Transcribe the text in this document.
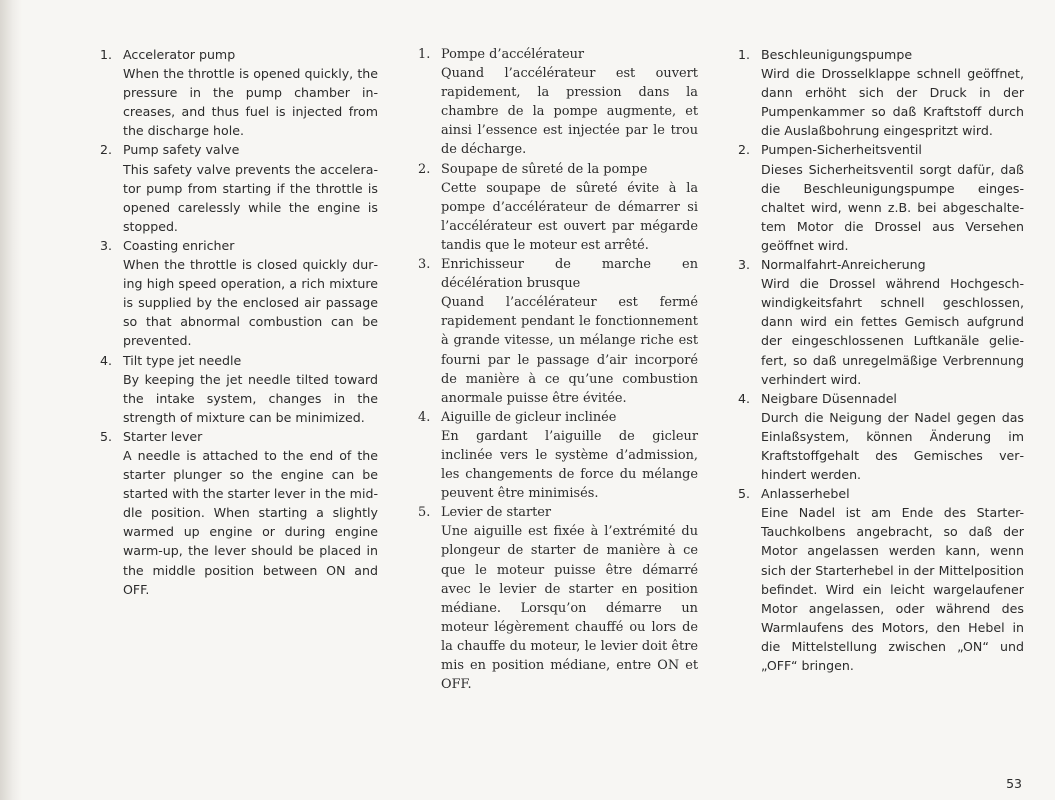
1. Accelerator pump
When the throttle is opened quickly, the pressure in the pump chamber increases, and thus fuel is injected from the discharge hole.
2. Pump safety valve
This safety valve prevents the accelerator pump from starting if the throttle is opened carelessly while the engine is stopped.
3. Coasting enricher
When the throttle is closed quickly during high speed operation, a rich mixture is supplied by the enclosed air passage so that abnormal combustion can be prevented.
4. Tilt type jet needle
By keeping the jet needle tilted toward the intake system, changes in the strength of mixture can be minimized.
5. Starter lever
A needle is attached to the end of the starter plunger so the engine can be started with the starter lever in the middle position. When starting a slightly warmed up engine or during engine warm-up, the lever should be placed in the middle position between ON and OFF.
1. Pompe d’accélérateur
Quand l’accélérateur est ouvert rapidement, la pression dans la chambre de la pompe augmente, et ainsi l’essence est injectée par le trou de décharge.
2. Soupape de sûreté de la pompe
Cette soupape de sûreté évite à la pompe d’accélérateur de démarrer si l’accélérateur est ouvert par mégarde tandis que le moteur est arrêté.
3. Enrichisseur de marche en décélération brusque
Quand l’accélérateur est fermé rapidement pendant le fonctionnement à grande vitesse, un mélange riche est fourni par le passage d’air incorporé de manière à ce qu’une combustion anormale puisse être évitée.
4. Aiguille de gicleur inclinée
En gardant l’aiguille de gicleur inclinée vers le système d’admission, les changements de force du mélange peuvent être minimisés.
5. Levier de starter
Une aiguille est fixée à l’extrémité du plongeur de starter de manière à ce que le moteur puisse être démarré avec le levier de starter en position médiane. Lorsqu’on démarre un moteur légèrement chauffé ou lors de la chauffe du moteur, le levier doit être mis en position médiane, entre ON et OFF.
1. Beschleunigungspumpe
Wird die Drosselklappe schnell geöffnet, dann erhöht sich der Druck in der Pumpenkammer so daß Kraftstoff durch die Auslaßbohrung eingespritzt wird.
2. Pumpen-Sicherheitsventil
Dieses Sicherheitsventil sorgt dafür, daß die Beschleunigungspumpe eingeschaltet wird, wenn z.B. bei abgeschaltetem Motor die Drossel aus Versehen geöffnet wird.
3. Normalfahrt-Anreicherung
Wird die Drossel während Hochgeschwindigkeitsfahrt schnell geschlossen, dann wird ein fettes Gemisch aufgrund der eingeschlossenen Luftkanäle geliefert, so daß unregelmäßige Verbrennung verhindert wird.
4. Neigbare Düsennadel
Durch die Neigung der Nadel gegen das Einlaßsystem, können Änderung im Kraftstoffgehalt des Gemisches verhindert werden.
5. Anlasserhebel
Eine Nadel ist am Ende des Starter-Tauchkolbens angebracht, so daß der Motor angelassen werden kann, wenn sich der Starterhebel in der Mittelposition befindet. Wird ein leicht wargelaufener Motor angelassen, oder während des Warmlaufens des Motors, den Hebel in die Mittelstellung zwischen „ON“ und „OFF“ bringen.
53
